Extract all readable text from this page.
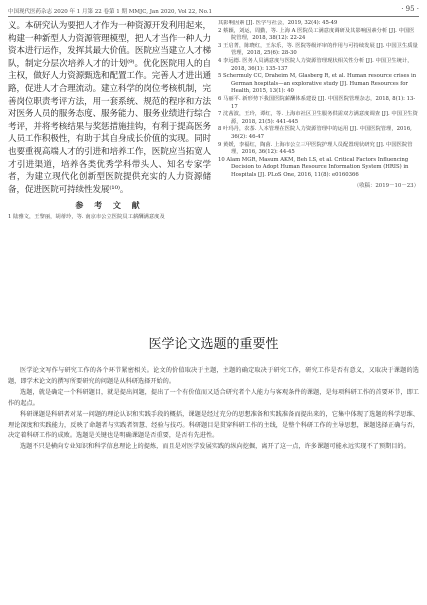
中国现代医药杂志 2020 年 1 月第 22 卷第 1 期 MMJC, Jan 2020, Vol 22, No.1	· 95 ·

义。本研究认为要把人才作为一种资源开发利用起来，构建一种新型人力资源管理模型，把人才当作一种人力资本进行运作，发挥其最大价值。医院应当建立人才梯队，制定分层次培养人才的计划⁽⁹⁾。优化医院用人的自主权，做好人力资源甄选和配置工作。完善人才进出通路，促进人才合理流动。建立科学的岗位考核机制，完善岗位职责考评方法，用一套系统、规范的程序和方法对医务人员的服务态度、服务能力、服务业绩进行综合考评，并将考核结果与奖惩措施挂钩，有利于提高医务人员工作积极性，有助于其自身成长价值的实现。同时也要重视高端人才的引进和培养工作，医院应当拓宽人才引进渠道，培养各类优秀学科带头人、知名专家学者，为建立现代化创新型医院提供充实的人力资源储备，促进医院可持续性发展⁽¹⁰⁾。

参 考 文 献
1 陆雅文，王黎丽，胡蒂玲，等. 南京市公立医院员工薪酬满意度及
其影响因素 [J]. 医学与社会，2019, 32(4): 45-49
2 蔡颖，刘运，周勤，等. 上海 A 医院员工满意度调研及其影响因素分析 [J]. 中国医院管理，2018, 38(12): 22-24
3 王启菁，陈晓红，王东乐，等. 医院等级评审的作用与可持续发展 [J]. 中国卫生质量管理，2018, 25(6): 28-30
4 李远德. 医务人员满意度与医院人力资源管理现状相关性分析 [J]. 中国卫生统计，2018, 36(1): 135-137
5 Schermuly CC, Draheim M, Glasberg R, et al. Human resource crises in German hospitals—an explorative study [J]. Human Resources for Health, 2015, 13(1): 40
6 马丽平. 新形势下我国医院薪酬体系建设 [J]. 中国医院管理杂志，2018, 8(1): 13-17
7 沈茜波，王玲，谭红，等. 上海市社区卫生服务供需双方满意度调查 [J]. 中国卫生资源，2018, 21(5): 441-445
8 叶玛丹，农茶. 人本管理在医院人力资源管理中的运用 [J]. 中国医院管理，2016, 36(2): 46-47
9 黄媛，李福红，陶茵. 上海市公立三甲医院护理人员配置现状研究 [J]. 中国医院管理，2016, 36(12): 44-45
10 Alam MGR, Masum AKM, Beh LS, et al. Critical Factors Influencing Decision to Adopt Human Resource Information System (HRIS) in Hospitals [J]. PLoS One, 2016, 11(8): e0160366
（收稿：2019－10－23）
医学论文选题的重要性

医学论文写作与研究工作的各个环节紧密相关。论文的价值取决于主题，主题的确定取决于研究工作，研究工作是否有意义，又取决于课题的选题，即学术论文的撰写所要研究的问题是从科研选择开始的。

选题，就是确定一个科研题目，就是提出问题，提出了一个有价值而又适合研究者个人能力与客观条件的课题，是每项科研工作的首要环节，即工作的起点。

科研课题是科研者对某一问题的理论认识和实践手段的概括，课题是经过充分的思想准备和实践准备而提出来的，它集中体现了选题的科学思维、理论深度和实践能力，反映了命题者与实践者智慧、经验与技巧。科研题目是贯穿科研工作的主线，是整个科研工作的主导思想，课题选择正确与否，决定着科研工作的成败。选题是关键也是明确课题是否重要，是否有先进性。

选题不只是横向专业知识和科学信息理论上的提炼，而且是对医学发展实践的纵向挖掘，离开了这一点，许多课题可能永远实现不了预期目的。
